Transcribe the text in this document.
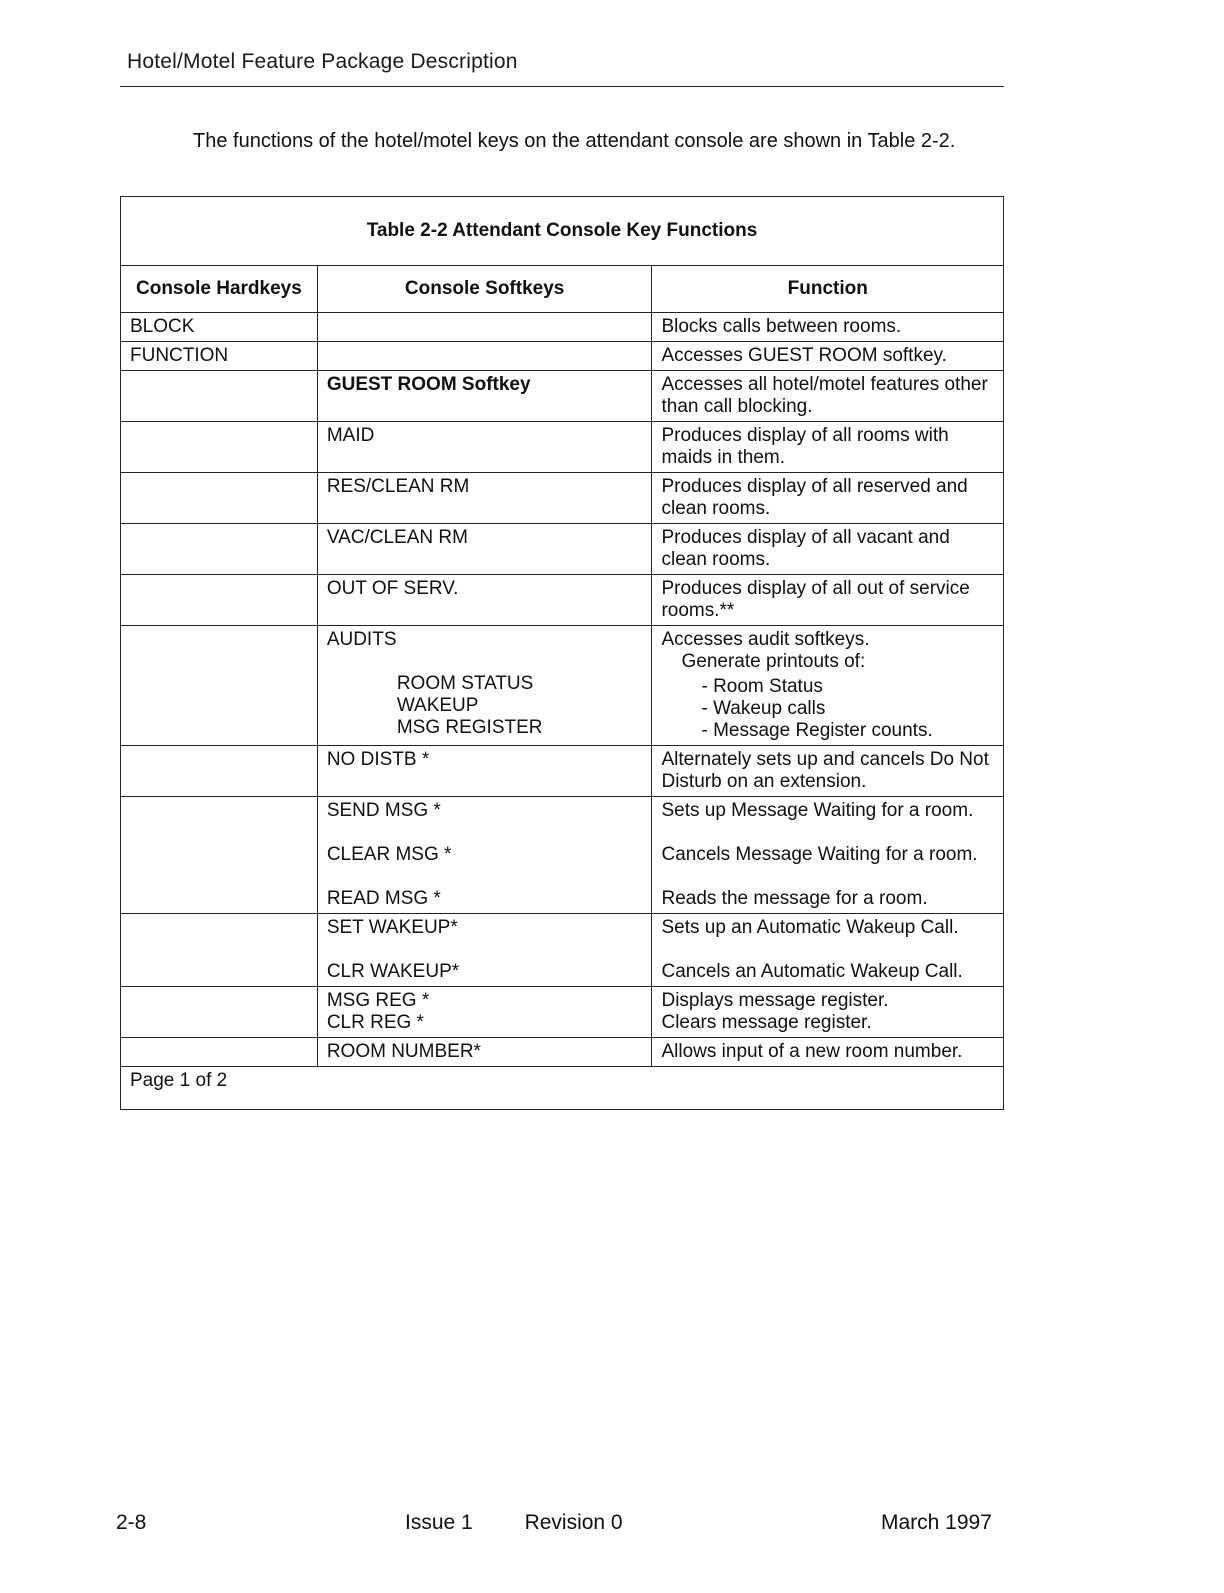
Hotel/Motel Feature Package Description
The functions of the hotel/motel keys on the attendant console are shown in Table 2-2.
Table 2-2 Attendant Console Key Functions		
Console Hardkeys	Console Softkeys	Function
BLOCK		Blocks calls between rooms.

FUNCTION		Accesses GUEST ROOM softkey.

	GUEST ROOM Softkey	Accesses all hotel/motel features other
than call blocking.

	MAID	Produces display of all rooms with
maids in them.

	RES/CLEAN RM	Produces display of all reserved and
clean rooms.

	VAC/CLEAN RM	Produces display of all vacant and
clean rooms.

	OUT OF SERV.	Produces display of all out of service
rooms.**

	AUDITS
ROOM STATUS
WAKEUP
MSG REGISTER	Accesses audit softkeys.
Generate printouts of:
- Room Status
- Wakeup calls
- Message Register counts.

	NO DISTB *	Alternately sets up and cancels Do Not
Disturb on an extension.

	SEND MSG *
CLEAR MSG *
READ MSG *	Sets up Message Waiting for a room.
Cancels Message Waiting for a room.
Reads the message for a room.

	SET WAKEUP*
CLR WAKEUP*	Sets up an Automatic Wakeup Call.
Cancels an Automatic Wakeup Call.

	MSG REG *
CLR REG *	Displays message register.
Clears message register.

	ROOM NUMBER*	Allows input of a new room number.

Page 1 of 2		
2-8	Issue 1 Revision 0	March 1997
